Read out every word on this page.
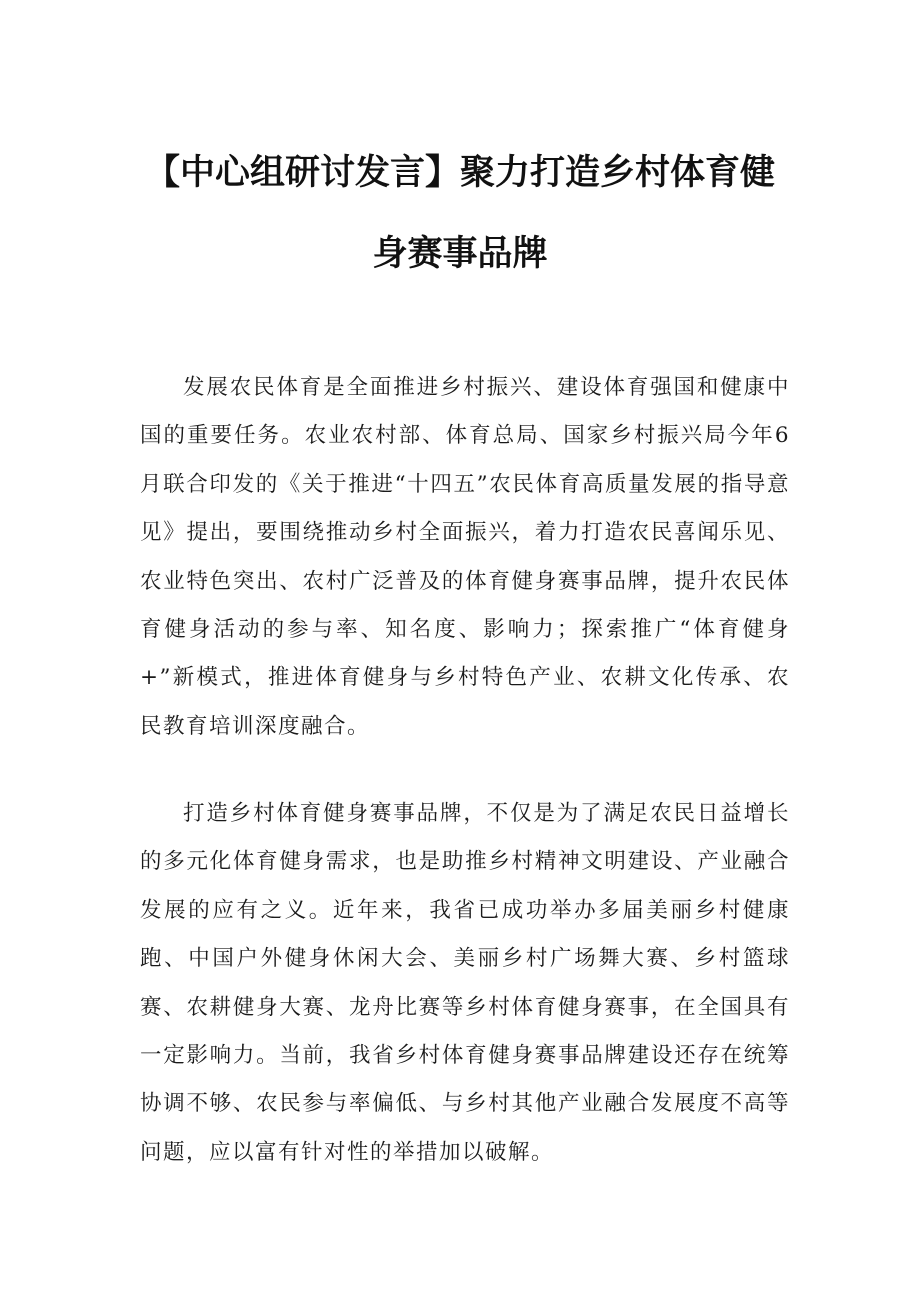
【中心组研讨发言】聚力打造乡村体育健
身赛事品牌

发展农民体育是全面推进乡村振兴、建设体育强国和健康中国的重要任务。农业农村部、体育总局、国家乡村振兴局今年6月联合印发的《关于推进“十四五”农民体育高质量发展的指导意见》提出，要围绕推动乡村全面振兴，着力打造农民喜闻乐见、农业特色突出、农村广泛普及的体育健身赛事品牌，提升农民体育健身活动的参与率、知名度、影响力；探索推广“体育健身+”新模式，推进体育健身与乡村特色产业、农耕文化传承、农民教育培训深度融合。

打造乡村体育健身赛事品牌，不仅是为了满足农民日益增长的多元化体育健身需求，也是助推乡村精神文明建设、产业融合发展的应有之义。近年来，我省已成功举办多届美丽乡村健康跑、中国户外健身休闲大会、美丽乡村广场舞大赛、乡村篮球赛、农耕健身大赛、龙舟比赛等乡村体育健身赛事，在全国具有一定影响力。当前，我省乡村体育健身赛事品牌建设还存在统筹协调不够、农民参与率偏低、与乡村其他产业融合发展度不高等问题，应以富有针对性的举措加以破解。
